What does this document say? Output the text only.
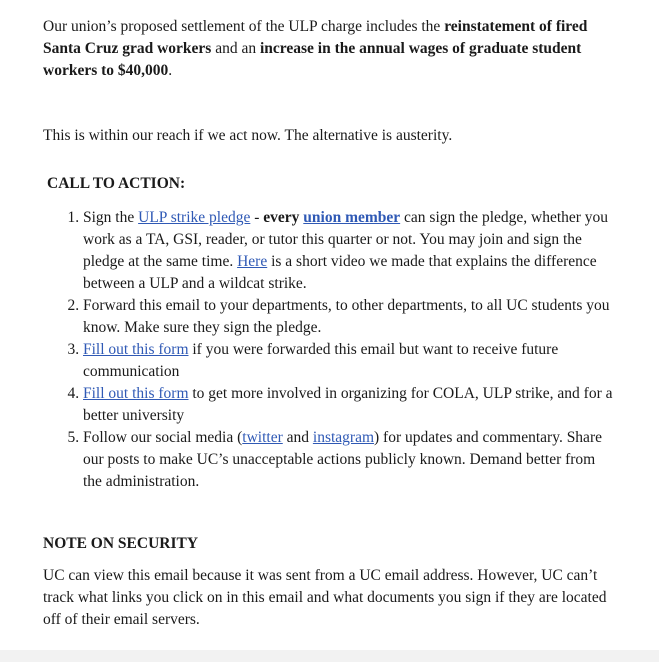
Our union’s proposed settlement of the ULP charge includes the reinstatement of fired Santa Cruz grad workers and an increase in the annual wages of graduate student workers to $40,000.

This is within our reach if we act now. The alternative is austerity.

CALL TO ACTION:
1. Sign the ULP strike pledge - every union member can sign the pledge, whether you work as a TA, GSI, reader, or tutor this quarter or not. You may join and sign the pledge at the same time. Here is a short video we made that explains the difference between a ULP and a wildcat strike.
2. Forward this email to your departments, to other departments, to all UC students you know. Make sure they sign the pledge.
3. Fill out this form if you were forwarded this email but want to receive future communication
4. Fill out this form to get more involved in organizing for COLA, ULP strike, and for a better university
5. Follow our social media (twitter and instagram) for updates and commentary. Share our posts to make UC’s unacceptable actions publicly known. Demand better from the administration.
NOTE ON SECURITY

UC can view this email because it was sent from a UC email address. However, UC can’t track what links you click on in this email and what documents you sign if they are located off of their email servers.
